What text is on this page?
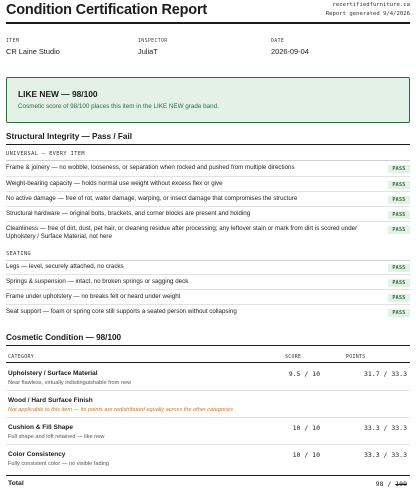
Condition Certification Report	recertifiedfurniture.ca
Report generated 9/4/2026
ITEM
CR Laine Studio
INSPECTOR
JuliaT
DATE
2026-09-04
LIKE NEW — 98/100
Cosmetic score of 98/100 places this item in the LIKE NEW grade band.
Structural Integrity — Pass / Fail
UNIVERSAL — EVERY ITEM
Frame & joinery — no wobble, looseness, or separation when rocked and pushed from multiple directions	PASS
Weight-bearing capacity — holds normal use weight without excess flex or give	PASS
No active damage — free of rot, water damage, warping, or insect damage that compromises the structure	PASS
Structural hardware — original bolts, brackets, and corner blocks are present and holding	PASS
Cleanliness — free of dirt, dust, pet hair, or cleaning residue after processing; any leftover stain or mark from dirt is scored under Upholstery / Surface Material, not here
PASS
SEATING
Legs — level, securely attached, no cracks	PASS
Springs & suspension — intact, no broken springs or sagging deck	PASS
Frame under upholstery — no breaks felt or heard under weight	PASS
Seat support — foam or spring core still supports a seated person without collapsing	PASS
Cosmetic Condition — 98/100
CATEGORY	SCORE	POINTS
Upholstery / Surface Material
Near flawless, virtually indistinguishable from new
9.5 / 10	31.7 / 33.3
Wood / Hard Surface Finish
Not applicable to this item — its points are redistributed equally across the other categories
Cushion & Fill Shape
Full shape and loft retained — like new
10 / 10	33.3 / 33.3
Color Consistency
Fully consistent color — no visible fading
10 / 10	33.3 / 33.3
Total	98 / 100
